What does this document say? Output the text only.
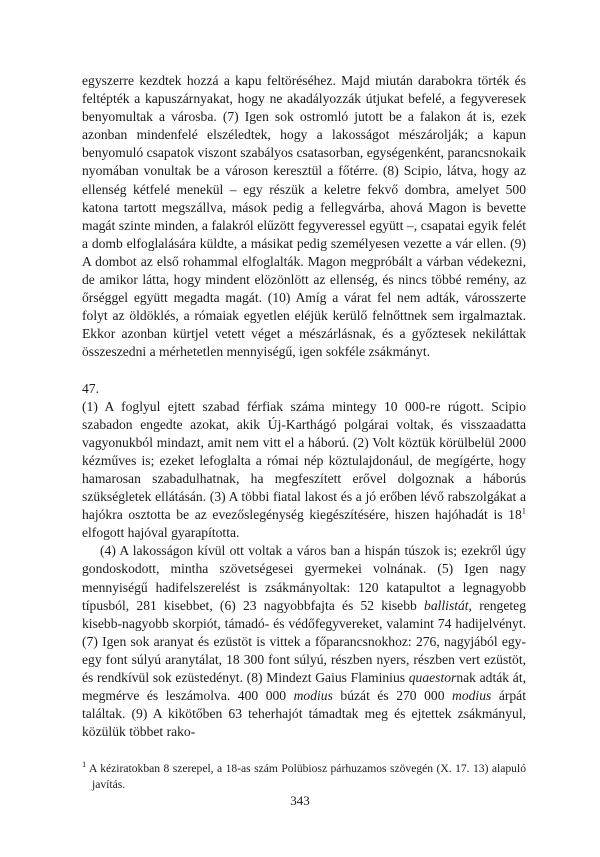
egyszerre kezdtek hozzá a kapu feltöréséhez. Majd miután darabokra törték és feltépték a kapuszárnyakat, hogy ne akadályozzák útjukat befelé, a fegyveresek benyomultak a városba. (7) Igen sok ostromló jutott be a falakon át is, ezek azonban mindenfelé elszéledtek, hogy a lakosságot mészárolják; a kapun benyomuló csapatok viszont szabályos csatasorban, egységenként, parancsnokaik nyomában vonultak be a városon keresztül a főtérre. (8) Scipio, látva, hogy az ellenség kétfelé menekül – egy részük a keletre fekvő dombra, amelyet 500 katona tartott megszállva, mások pedig a fellegvárba, ahová Magon is bevette magát szinte minden, a falakról elűzött fegyveressel együtt –, csapatai egyik felét a domb elfoglalására küldte, a másikat pedig személyesen vezette a vár ellen. (9) A dombot az első rohammal elfoglalták. Magon megpróbált a várban védekezni, de amikor látta, hogy mindent elözönlött az ellenség, és nincs többé remény, az őrséggel együtt megadta magát. (10) Amíg a várat fel nem adták, városszerte folyt az öldöklés, a rómaiak egyetlen eléjük kerülő felnőttnek sem irgalmaztak. Ekkor azonban kürtjel vetett véget a mészárlásnak, és a győztesek nekiláttak összeszedni a mérhetetlen mennyiségű, igen sokféle zsákmányt.

47.

(1) A foglyul ejtett szabad férfiak száma mintegy 10 000-re rúgott. Scipio szabadon engedte azokat, akik Új-Karthágó polgárai voltak, és visszaadatta vagyonukból mindazt, amit nem vitt el a háború. (2) Volt köztük körülbelül 2000 kézműves is; ezeket lefoglalta a római nép köztulajdonául, de megígérte, hogy hamarosan szabadulhatnak, ha megfeszített erővel dolgoznak a háborús szükségletek ellátásán. (3) A többi fiatal lakost és a jó erőben lévő rabszolgákat a hajókra osztotta be az evezőslegénység kiegészítésére, hiszen hajóhadát is $18^1$ elfogott hajóval gyarapította.

(4) A lakosságon kívül ott voltak a város ban a hispán túszok is; ezekről úgy gondoskodott, mintha szövetségesei gyermekei volnának. (5) Igen nagy mennyiségű hadifelszerelést is zsákmányoltak: 120 katapultot a legnagyobb típusból, 281 kisebbet, (6) 23 nagyobbfajta és 52 kisebb ballistát, rengeteg kisebb-nagyobb skorpiót, támadó- és védőfegyvereket, valamint 74 hadijelvényt. (7) Igen sok aranyat és ezüstöt is vittek a főparancsnokhoz: 276, nagyjából egy-egy font súlyú aranytálat, 18 300 font súlyú, részben nyers, részben vert ezüstöt, és rendkívül sok ezüstedényt. (8) Mindezt Gaius Flaminius quaestornak adták át, megmérve és leszámolva. 400 000 modius búzát és 270 000 modius árpát találtak. (9) A kikötőben 63 teherhajót támadtak meg és ejtettek zsákmányul, közülük többet rako-

$^1$ A kéziratokban 8 szerepel, a 18-as szám Polübiosz párhuzamos szövegén (X. 17. 13) alapuló javítás.

343
